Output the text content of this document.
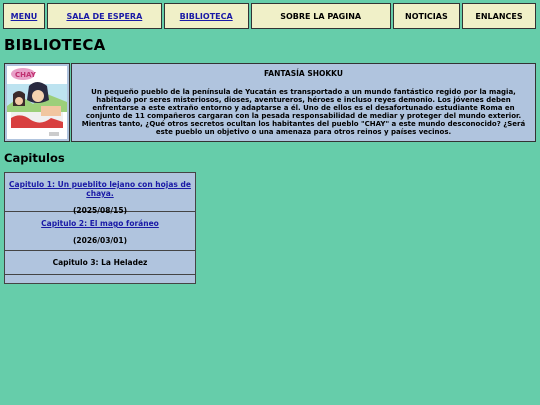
MENU	SALA DE ESPERA	BIBLIOTECA	SOBRE LA PAGINA	NOTICIAS	ENLANCES
BIBLIOTECA
CHAY	FANTASÍA SHOKKU
Un pequeño pueblo de la península de Yucatán es transportado a un mundo fantástico regido por la magia, habitado por seres misteriosos, dioses, aventureros, héroes e incluso reyes demonio. Los jóvenes deben enfrentarse a este extraño entorno y adaptarse a él. Uno de ellos es el desafortunado estudiante Roma en conjunto de 11 compañeros cargaran con la pesada responsabilidad de mediar y proteger del mundo exterior. Mientras tanto, ¿Qué otros secretos ocultan los habitantes del pueblo "CHAY" a este mundo desconocido? ¿Será este pueblo un objetivo o una amenaza para otros reinos y países vecinos.
Capitulos
Capitulo 1: Un pueblito lejano con hojas de chaya.
(2025/08/15)
Capitulo 2: El mago foráneo
(2026/03/01)
Capitulo 3: La Heladez
